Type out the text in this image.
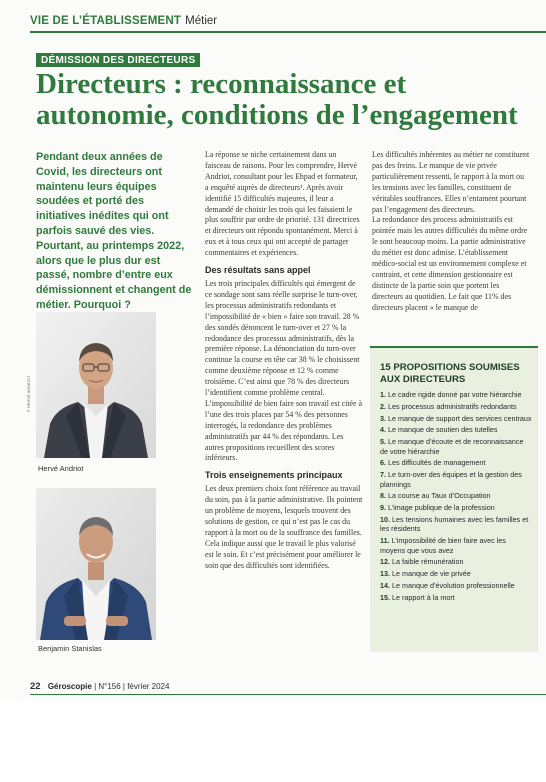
VIE DE L’ÉTABLISSEMENT Métier
DÉMISSION DES DIRECTEURS
Directeurs : reconnaissance et autonomie, conditions de l’engagement
Pendant deux années de Covid, les directeurs ont maintenu leurs équipes soudées et porté des initiatives inédites qui ont parfois sauvé des vies. Pourtant, au printemps 2022, alors que le plus dur est passé, nombre d’entre eux démissionnent et changent de métier. Pourquoi ?
© HERVÉ ANDRIOT
Hervé Andriot
Benjamin Stanislas

La réponse se niche certainement dans un faisceau de raisons. Pour les comprendre, Hervé Andriot, consultant pour les Ehpad et formateur, a enquêté auprès de directeurs¹. Après avoir identifié 15 difficultés majeures, il leur a demandé de choisir les trois qui les faisaient le plus souffrir par ordre de priorité. 131 directrices et directeurs ont répondu spontanément. Merci à eux et à tous ceux qui ont accepté de partager commentaires et expériences.

Des résultats sans appel

Les trois principales difficultés qui émergent de ce sondage sont sans réelle surprise le turn-over, les processus administratifs redondants et l’impossibilité de « bien » faire son travail. 28 % des sondés dénoncent le turn-over et 27 % la redondance des processus administratifs, dès la première réponse. La dénonciation du turn-over continue la course en tête car 38 % le choisissent comme deuxième réponse et 12 % comme troisième. C’est ainsi que 78 % des directeurs l’identifient comme problème central. L’impossibilité de bien faire son travail est citée à l’une des trois places par 54 % des personnes interrogés, la redondance des problèmes administratifs par 44 % des répondants. Les autres propositions recueillent des scores inférieurs.

Trois enseignements principaux

Les deux premiers choix font référence au travail du soin, pas à la partie administrative. Ils pointent un problème de moyens, lesquels trouvent des solutions de gestion, ce qui n’est pas le cas du rapport à la mort ou de la souffrance des familles. Cela indique aussi que le travail le plus valorisé est le soin. Et c’est précisément pour améliorer le soin que des difficultés sont identifiées.

Les difficultés inhérentes au métier ne constituent pas des freins. Le manque de vie privée particulièrement ressenti, le rapport à la mort ou les tensions avec les familles, constituent de véritables souffrances. Elles n’entament pourtant pas l’engagement des directeurs.

La redondance des process administratifs est pointée mais les autres difficultés du même ordre le sont beaucoup moins. La partie administrative du métier est donc admise. L’établissement médico-social est un environnement complexe et contraint, et cette dimension gestionnaire est distincte de la partie soin que portent les directeurs au quotidien. Le fait que 11% des directeurs placent « le manque de

15 PROPOSITIONS SOUMISES AUX DIRECTEURS
1. Le cadre rigide donné par votre hiérarchie
2. Les processus administratifs redondants
3. Le manque de support des services centraux
4. Le manque de soutien des tutelles
5. Le manque d’écoute et de reconnaissance de votre hiérarchie
6. Les difficultés de management
7. Le turn-over des équipes et la gestion des plannings
8. La course au Taux d’Occupation
9. L’image publique de la profession
10. Les tensions humaines avec les familles et les résidents
11. L’impossibilité de bien faire avec les moyens que vous avez
12. La faible rémunération
13. Le manque de vie privée
14. Le manque d’évolution professionnelle
15. Le rapport à la mort
22 Géroscopie | N°156 | février 2024
